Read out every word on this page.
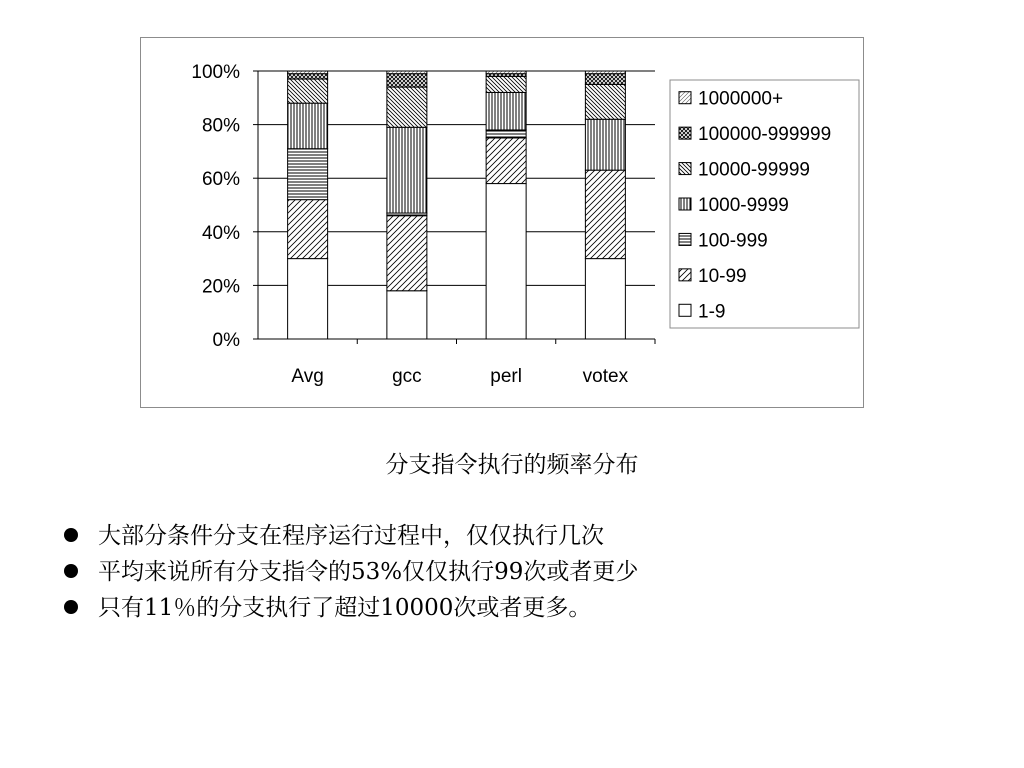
0%
20%
40%
60%
80%
100%
Avg	gcc	perl	votex
1000000+
100000-999999
10000-99999
1000-9999
100-999
10-99
1-9
分支指令执行的频率分布
大部分条件分支在程序运行过程中，仅仅执行几次
平均来说所有分支指令的53%仅仅执行99次或者更少
只有11％的分支执行了超过10000次或者更多。
